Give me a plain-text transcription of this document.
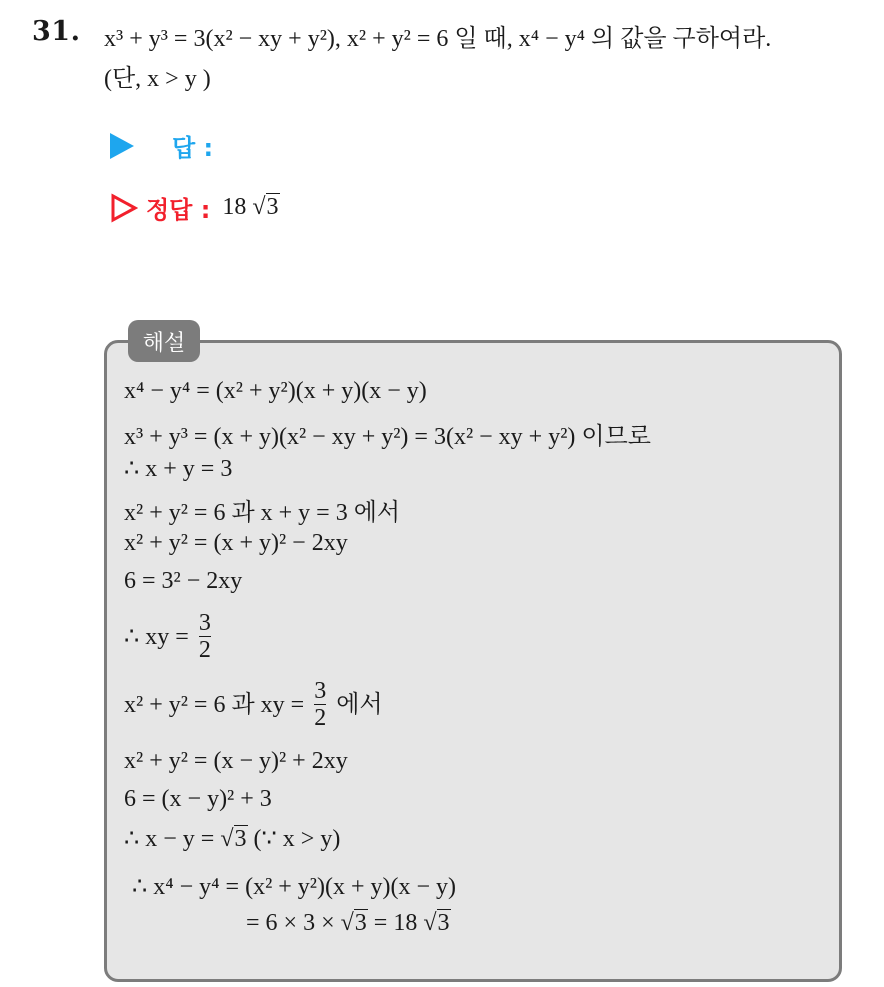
31. x³ + y³ = 3(x² − xy + y²), x² + y² = 6 일 때, x⁴ − y⁴ 의 값을 구하여라.
(단, x > y )
답 :
정답 : 18 √3
해설
x⁴ − y⁴ = (x² + y²)(x + y)(x − y)
x³ + y³ = (x + y)(x² − xy + y²) = 3(x² − xy + y²) 이므로
∴ x + y = 3
x² + y² = 6 과 x + y = 3 에서
x² + y² = (x + y)² − 2xy
6 = 3² − 2xy
∴ xy = $\frac{3}{2}$
x² + y² = 6 과 xy = $\frac{3}{2}$ 에서
x² + y² = (x − y)² + 2xy
6 = (x − y)² + 3
∴ x − y = √3 (∵ x > y)
∴ x⁴ − y⁴ = (x² + y²)(x + y)(x − y)
= 6 × 3 × √3 = 18 √3
